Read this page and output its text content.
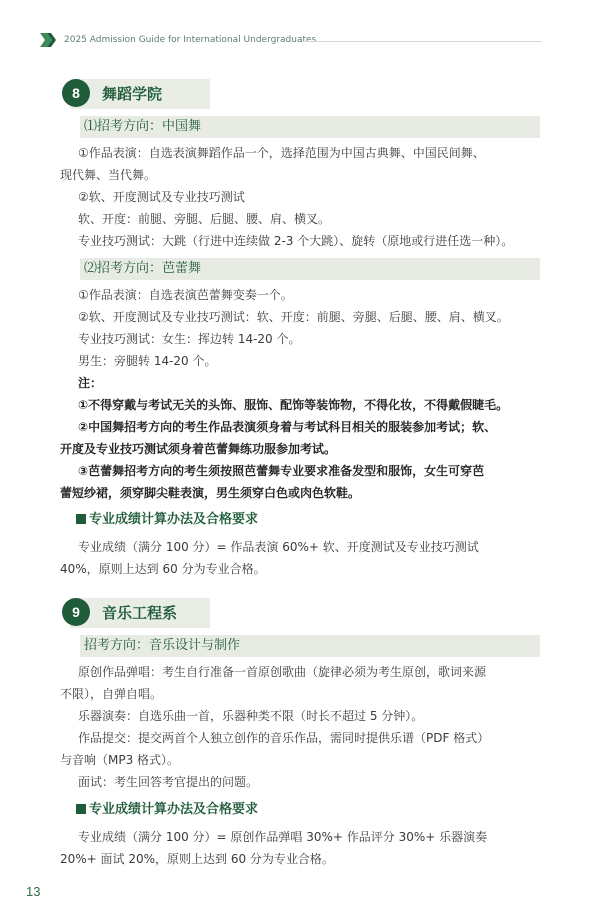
2025 Admission Guide for International Undergraduates
8	舞蹈学院
⑴招考方向：中国舞
①作品表演：自选表演舞蹈作品一个，选择范围为中国古典舞、中国民间舞、
现代舞、当代舞。
②软、开度测试及专业技巧测试
软、开度：前腿、旁腿、后腿、腰、肩、横叉。
专业技巧测试：大跳（行进中连续做 2-3 个大跳）、旋转（原地或行进任选一种）。
⑵招考方向：芭蕾舞
①作品表演：自选表演芭蕾舞变奏一个。
②软、开度测试及专业技巧测试：软、开度：前腿、旁腿、后腿、腰、肩、横叉。
专业技巧测试：女生：挥边转 14-20 个。
男生：旁腿转 14-20 个。
注：
①不得穿戴与考试无关的头饰、服饰、配饰等装饰物，不得化妆，不得戴假睫毛。
②中国舞招考方向的考生作品表演须身着与考试科目相关的服装参加考试；软、
开度及专业技巧测试须身着芭蕾舞练功服参加考试。
③芭蕾舞招考方向的考生须按照芭蕾舞专业要求准备发型和服饰，女生可穿芭
蕾短纱裙，须穿脚尖鞋表演，男生须穿白色或肉色软鞋。
专业成绩计算办法及合格要求
专业成绩（满分 100 分）= 作品表演 60%+ 软、开度测试及专业技巧测试
40%，原则上达到 60 分为专业合格。
9	音乐工程系
招考方向：音乐设计与制作
原创作品弹唱：考生自行准备一首原创歌曲（旋律必须为考生原创，歌词来源
不限），自弹自唱。
乐器演奏：自选乐曲一首，乐器种类不限（时长不超过 5 分钟）。
作品提交：提交两首个人独立创作的音乐作品，需同时提供乐谱（PDF 格式）
与音响（MP3 格式）。
面试：考生回答考官提出的问题。
专业成绩计算办法及合格要求
专业成绩（满分 100 分）= 原创作品弹唱 30%+ 作品评分 30%+ 乐器演奏
20%+ 面试 20%，原则上达到 60 分为专业合格。
13
